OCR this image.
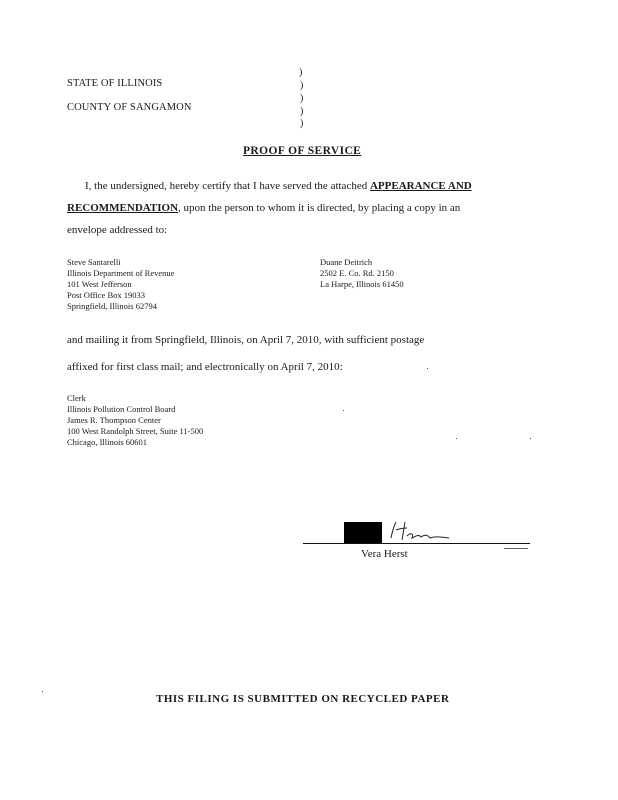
STATE OF ILLINOIS
COUNTY OF SANGAMON
)
)
)
)
)
PROOF OF SERVICE
I, the undersigned, hereby certify that I have served the attached APPEARANCE AND
RECOMMENDATION, upon the person to whom it is directed, by placing a copy in an
envelope addressed to:
Steve Santarelli
Illinois Department of Revenue
101 West Jefferson
Post Office Box 19033
Springfield, Illinois 62794
Duane Deitrich
2502 E. Co. Rd. 2150
La Harpe, Illinois 61450
and mailing it from Springfield, Illinois, on April 7, 2010, with sufficient postage
affixed for first class mail; and electronically on April 7, 2010:
Clerk
Illinois Pollution Control Board
James R. Thompson Center
100 West Randolph Street, Suite 11-500
Chicago, Illinois 60601
Vera Herst
THIS FILING IS SUBMITTED ON RECYCLED PAPER
